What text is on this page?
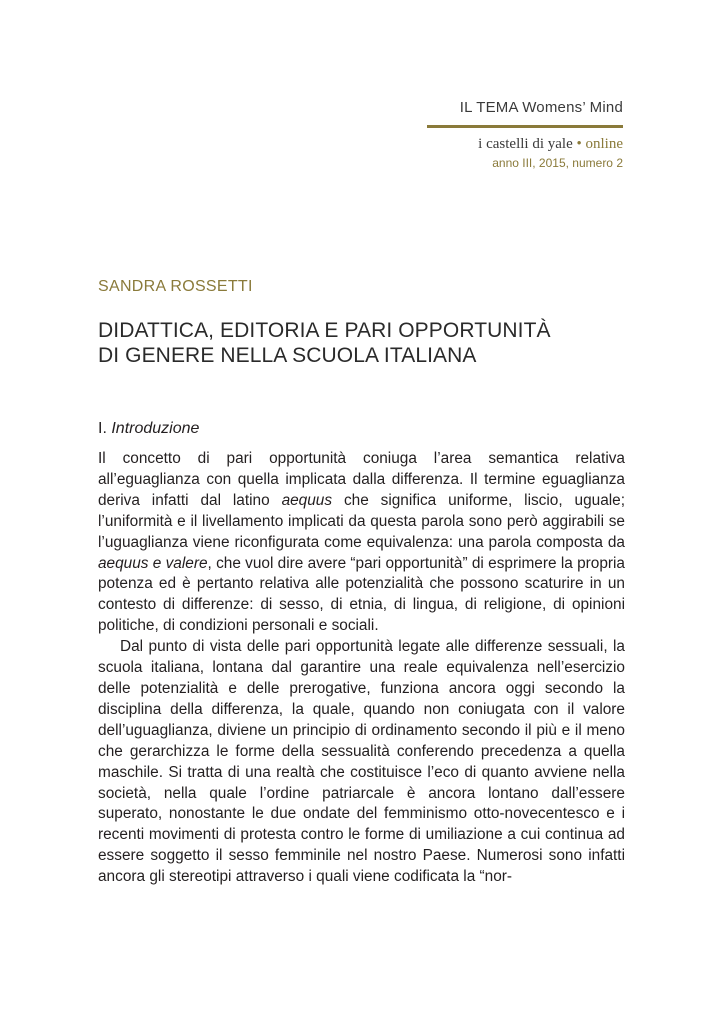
IL TEMA Womens’ Mind
i castelli di yale • online
anno III, 2015, numero 2
SANDRA ROSSETTI
DIDATTICA, EDITORIA E PARI OPPORTUNITÀ
DI GENERE NELLA SCUOLA ITALIANA
I. Introduzione

Il concetto di pari opportunità coniuga l’area semantica relativa all’eguaglianza con quella implicata dalla differenza. Il termine eguaglianza deriva infatti dal latino aequus che significa uniforme, liscio, uguale; l’uniformità e il livellamento implicati da questa parola sono però aggirabili se l’uguaglianza viene riconfigurata come equivalenza: una parola composta da aequus e valere, che vuol dire avere “pari opportunità” di esprimere la propria potenza ed è pertanto relativa alle potenzialità che possono scaturire in un contesto di differenze: di sesso, di etnia, di lingua, di religione, di opinioni politiche, di condizioni personali e sociali.

Dal punto di vista delle pari opportunità legate alle differenze sessuali, la scuola italiana, lontana dal garantire una reale equivalenza nell’esercizio delle potenzialità e delle prerogative, funziona ancora oggi secondo la disciplina della differenza, la quale, quando non coniugata con il valore dell’uguaglianza, diviene un principio di ordinamento secondo il più e il meno che gerarchizza le forme della sessualità conferendo precedenza a quella maschile. Si tratta di una realtà che costituisce l’eco di quanto avviene nella società, nella quale l’ordine patriarcale è ancora lontano dall’essere superato, nonostante le due ondate del femminismo otto-novecentesco e i recenti movimenti di protesta contro le forme di umiliazione a cui continua ad essere soggetto il sesso femminile nel nostro Paese. Numerosi sono infatti ancora gli stereotipi attraverso i quali viene codificata la “nor-
